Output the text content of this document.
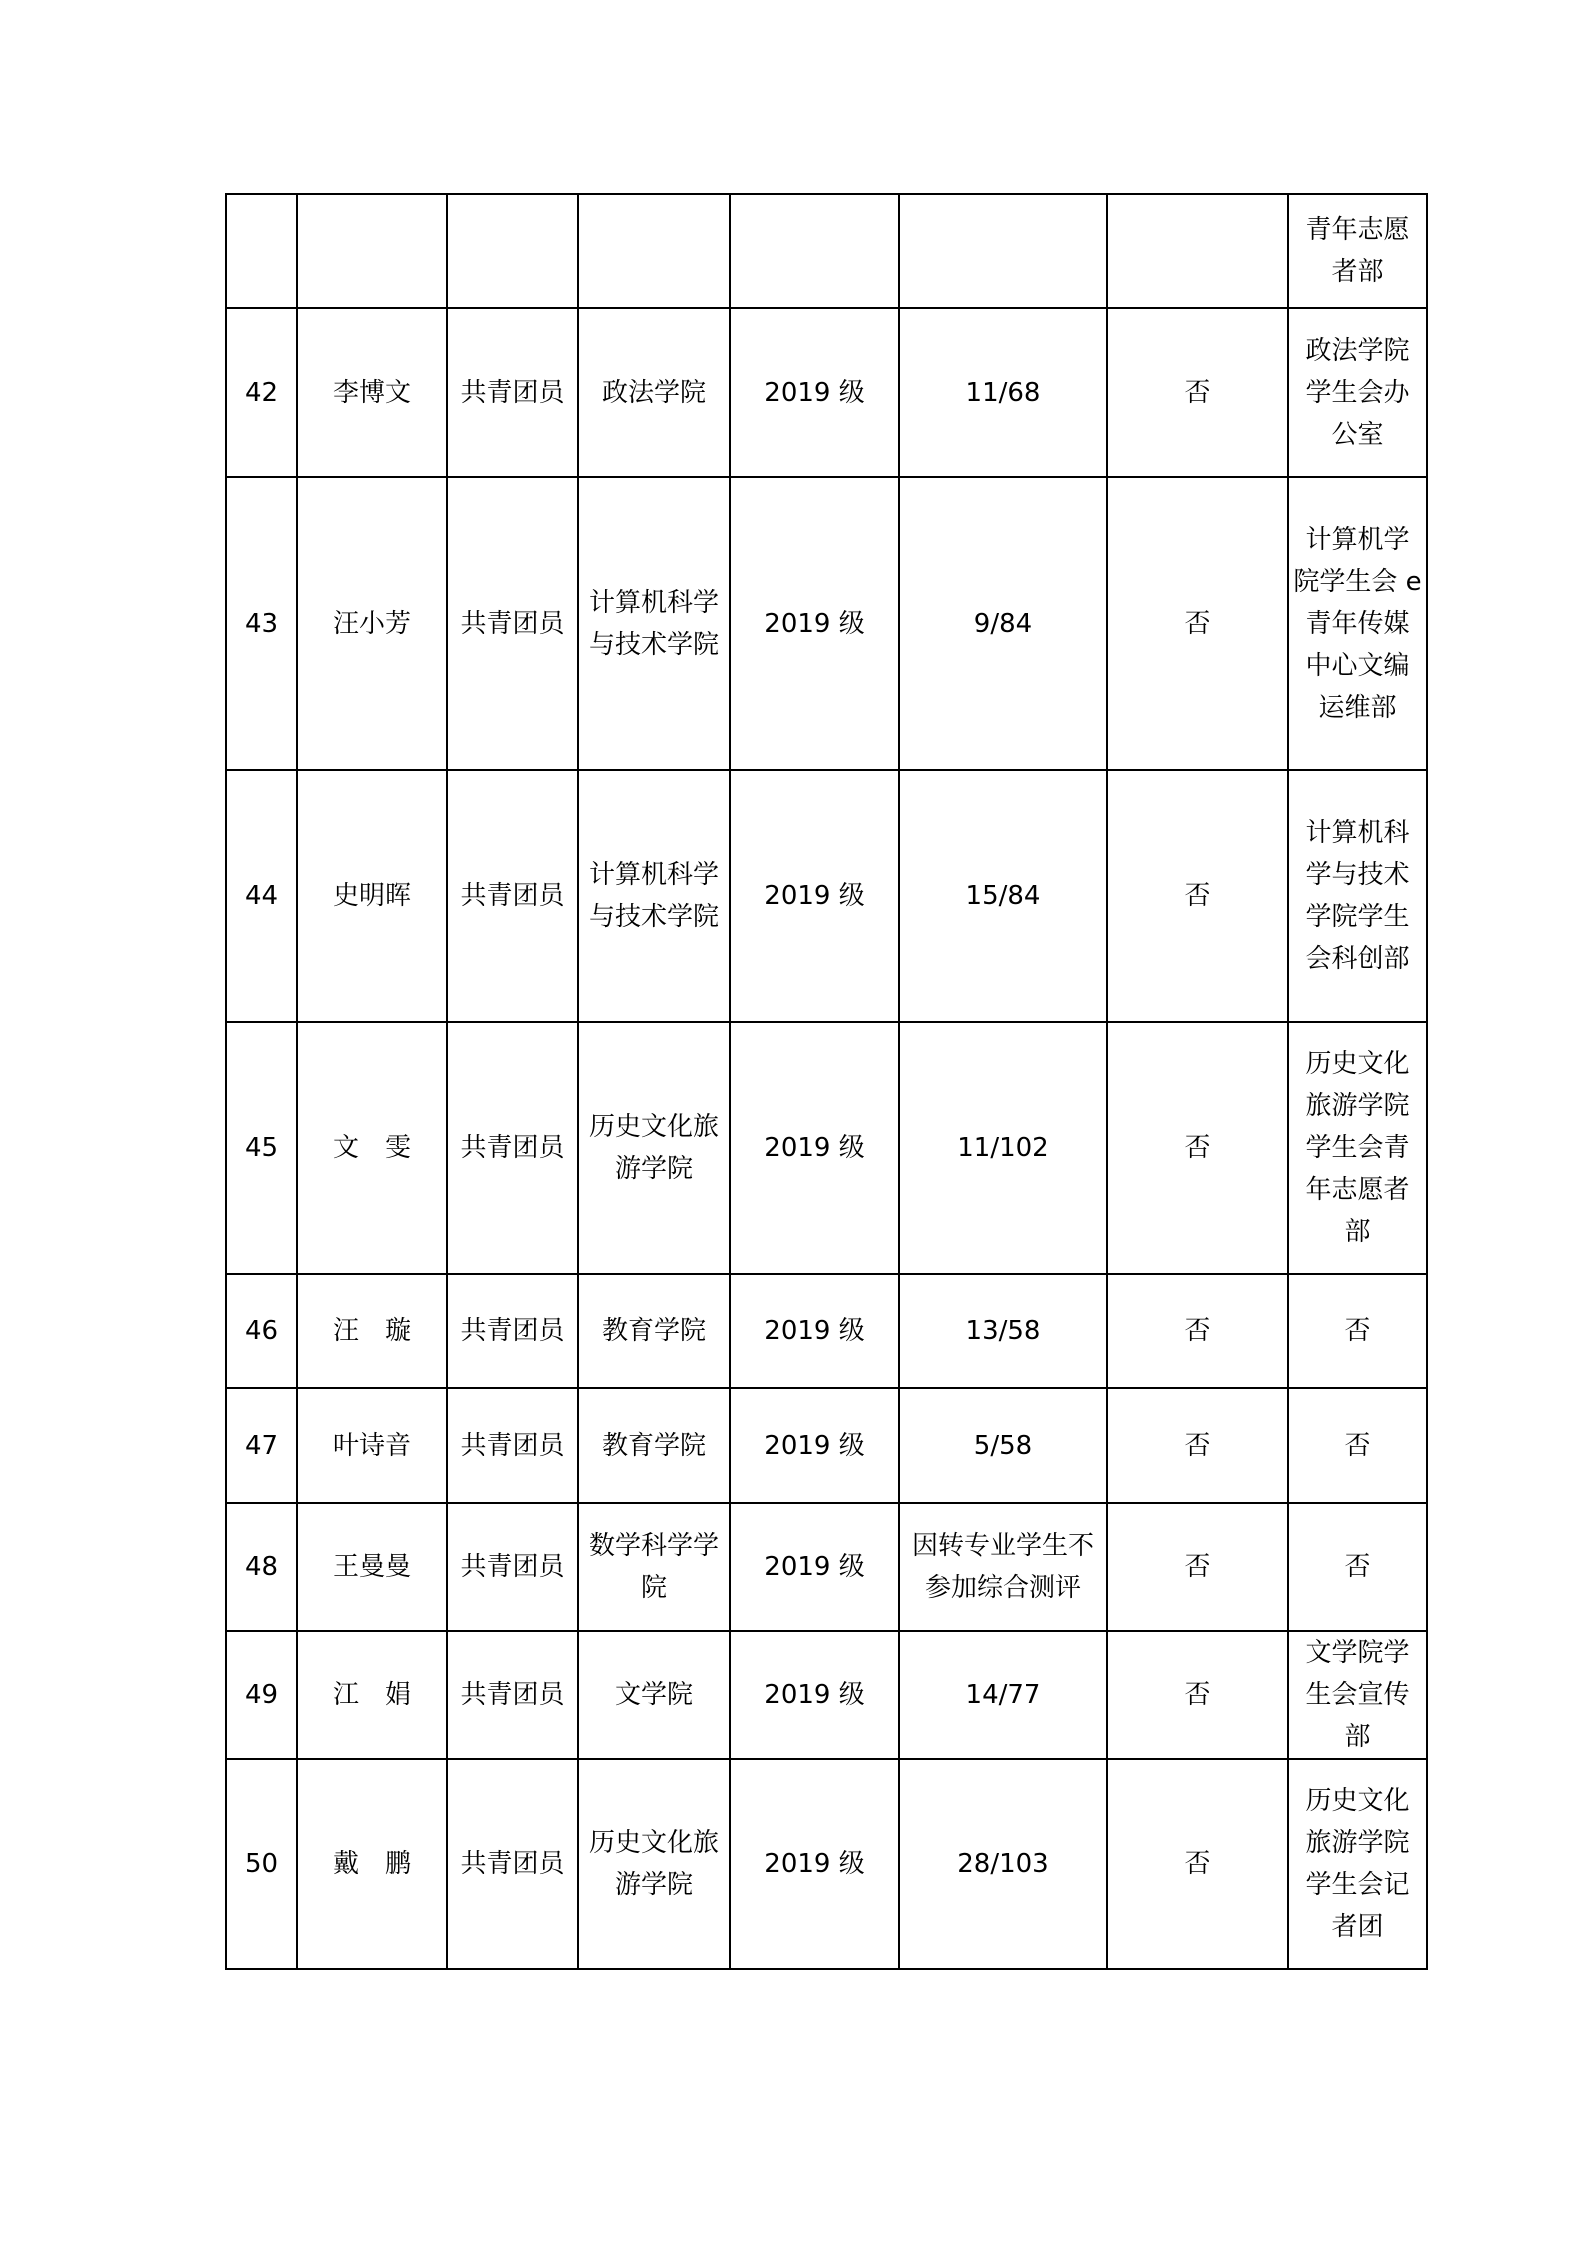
							青年志愿者部

42	李博文	共青团员	政法学院	2019 级	11/68	否	政法学院学生会办公室

43	汪小芳	共青团员	计算机科学与技术学院	2019 级	9/84	否	计算机学院学生会 e 青年传媒中心文编运维部

44	史明晖	共青团员	计算机科学与技术学院	2019 级	15/84	否	计算机科学与技术学院学生会科创部

45	文　雯	共青团员	历史文化旅游学院	2019 级	11/102	否	历史文化旅游学院学生会青年志愿者部

46	汪　璇	共青团员	教育学院	2019 级	13/58	否	否

47	叶诗音	共青团员	教育学院	2019 级	5/58	否	否

48	王曼曼	共青团员	数学科学学院	2019 级	因转专业学生不参加综合测评	否	否

49	江　娟	共青团员	文学院	2019 级	14/77	否	文学院学生会宣传部

50	戴　鹏	共青团员	历史文化旅游学院	2019 级	28/103	否	历史文化旅游学院学生会记者团
